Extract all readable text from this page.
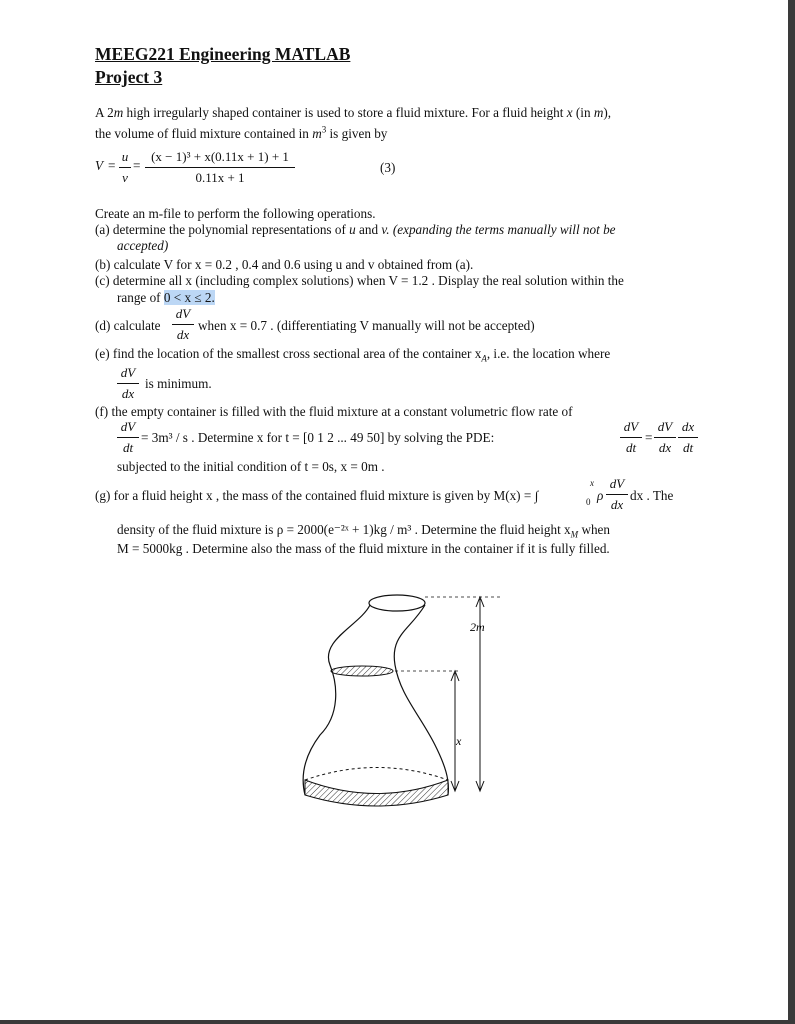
MEEG221 Engineering MATLAB
Project 3
A 2m high irregularly shaped container is used to store a fluid mixture. For a fluid height x (in m),
the volume of fluid mixture contained in $m^3$ is given by
V =
u
v
=
(x − 1)³ + x(0.11x + 1) + 1
0.11x + 1
(3)
Create an m-file to perform the following operations.
(a) determine the polynomial representations of u and v. (expanding the terms manually will not be
accepted)
(b) calculate V for x = 0.2 , 0.4 and 0.6 using u and v obtained from (a).
(c) determine all x (including complex solutions) when V = 1.2 . Display the real solution within the
range of 0 < x ≤ 2.
(d) calculate
dV
dx
when x = 0.7 . (differentiating V manually will not be accepted)
(e) find the location of the smallest cross sectional area of the container $x_A$, i.e. the location where
dV
dx
is minimum.
(f) the empty container is filled with the fluid mixture at a constant volumetric flow rate of
dV
dt
= 3m³ / s . Determine x for t = [0 1 2 ... 49 50] by solving the PDE:
dV
dt
=
dV
dx
dx
dt
subjected to the initial condition of t = 0s, x = 0m .
(g) for a fluid height x , the mass of the contained fluid mixture is given by M(x) = ∫
x
0 ρ
dV
dx
dx . The
density of the fluid mixture is ρ = 2000(e⁻²ˣ + 1)kg / m³ . Determine the fluid height $x_M$ when
M = 5000kg . Determine also the mass of the fluid mixture in the container if it is fully filled.
2m
x
